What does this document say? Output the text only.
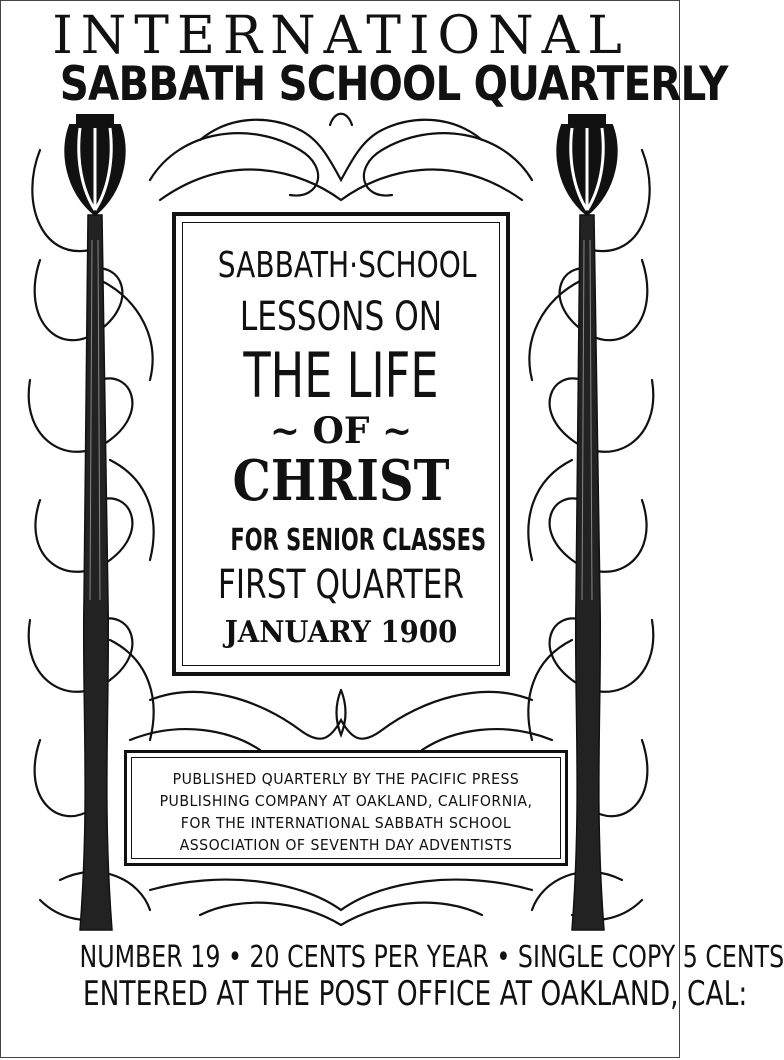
INTERNATIONAL
SABBATH SCHOOL QUARTERLY
SABBATH·SCHOOL
LESSONS ON
THE LIFE
~ OF ~
CHRIST
FOR SENIOR CLASSES
FIRST QUARTER
JANUARY 1900
PUBLISHED QUARTERLY BY THE PACIFIC PRESS
PUBLISHING COMPANY AT OAKLAND, CALIFORNIA,
FOR THE INTERNATIONAL SABBATH SCHOOL
ASSOCIATION OF SEVENTH DAY ADVENTISTS
NUMBER 19 • 20 CENTS PER YEAR • SINGLE COPY 5 CENTS
ENTERED AT THE POST OFFICE AT OAKLAND, CAL:
